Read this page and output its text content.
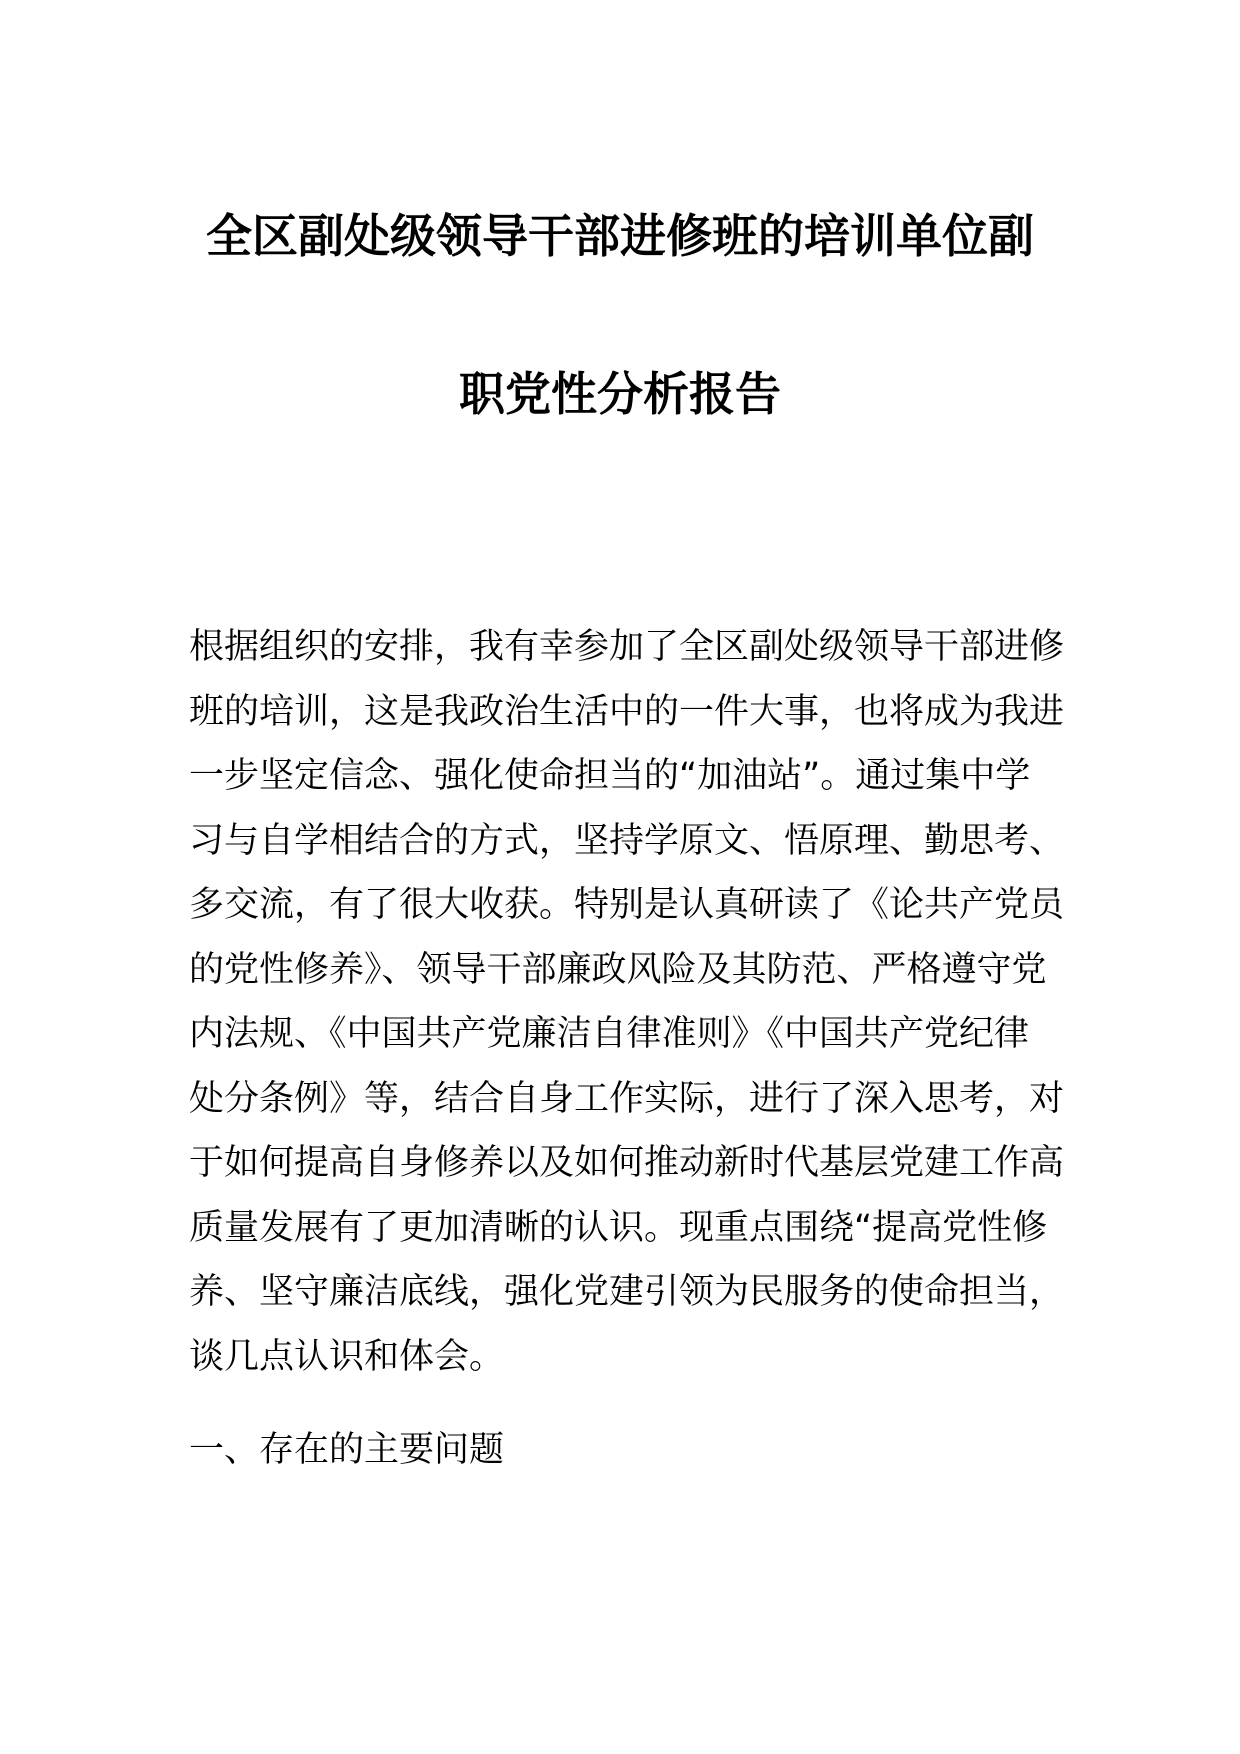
全区副处级领导干部进修班的培训单位副
职党性分析报告
根据组织的安排，我有幸参加了全区副处级领导干部进修
班的培训，这是我政治生活中的一件大事，也将成为我进
一步坚定信念、强化使命担当的“加油站”。通过集中学
习与自学相结合的方式，坚持学原文、悟原理、勤思考、
多交流，有了很大收获。特别是认真研读了《论共产党员
的党性修养》、领导干部廉政风险及其防范、严格遵守党
内法规、《中国共产党廉洁自律准则》《中国共产党纪律
处分条例》等，结合自身工作实际，进行了深入思考，对
于如何提高自身修养以及如何推动新时代基层党建工作高
质量发展有了更加清晰的认识。现重点围绕“提高党性修
养、坚守廉洁底线，强化党建引领为民服务的使命担当，
谈几点认识和体会。
一、存在的主要问题
